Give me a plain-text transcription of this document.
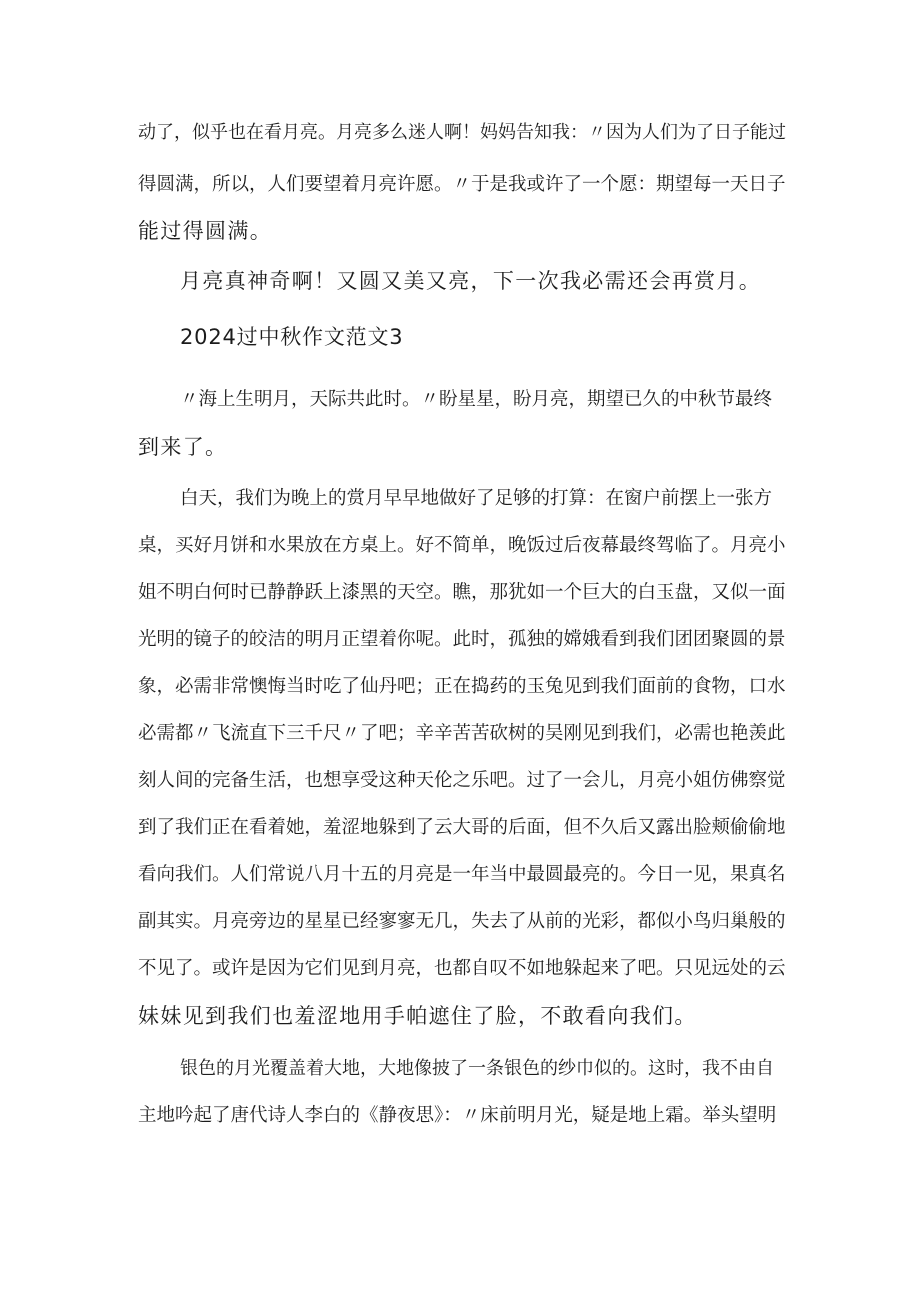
动了，似乎也在看月亮。月亮多么迷人啊！妈妈告知我：〃因为人们为了日子能过
得圆满，所以，人们要望着月亮许愿。〃于是我或许了一个愿：期望每一天日子
能过得圆满。
月亮真神奇啊！又圆又美又亮，下一次我必需还会再赏月。
2024过中秋作文范文3
〃海上生明月，天际共此时。〃盼星星，盼月亮，期望已久的中秋节最终
到来了。
白天，我们为晚上的赏月早早地做好了足够的打算：在窗户前摆上一张方
桌，买好月饼和水果放在方桌上。好不简单，晚饭过后夜幕最终驾临了。月亮小
姐不明白何时已静静跃上漆黑的天空。瞧，那犹如一个巨大的白玉盘，又似一面
光明的镜子的皎洁的明月正望着你呢。此时，孤独的嫦娥看到我们团团聚圆的景
象，必需非常懊悔当时吃了仙丹吧；正在捣药的玉兔见到我们面前的食物，口水
必需都〃飞流直下三千尺〃了吧；辛辛苦苦砍树的吴刚见到我们，必需也艳羡此
刻人间的完备生活，也想享受这种天伦之乐吧。过了一会儿，月亮小姐仿佛察觉
到了我们正在看着她，羞涩地躲到了云大哥的后面，但不久后又露出脸颊偷偷地
看向我们。人们常说八月十五的月亮是一年当中最圆最亮的。今日一见，果真名
副其实。月亮旁边的星星已经寥寥无几，失去了从前的光彩，都似小鸟归巢般的
不见了。或许是因为它们见到月亮，也都自叹不如地躲起来了吧。只见远处的云
妹妹见到我们也羞涩地用手帕遮住了脸，不敢看向我们。
银色的月光覆盖着大地，大地像披了一条银色的纱巾似的。这时，我不由自
主地吟起了唐代诗人李白的《静夜思》：〃床前明月光，疑是地上霜。举头望明
